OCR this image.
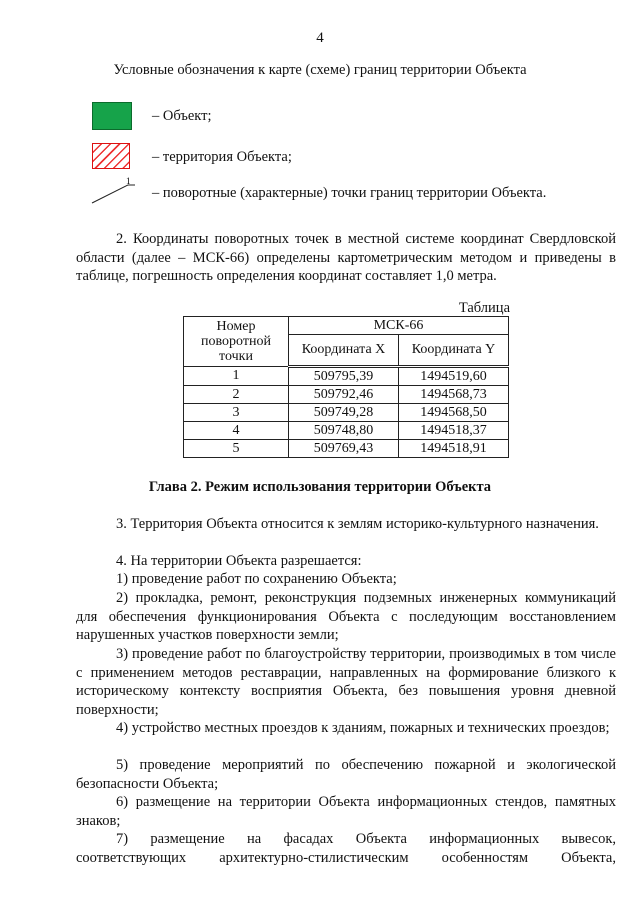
4
Условные обозначения к карте (схеме) границ территории Объекта
– Объект;
– территория Объекта;
1
– поворотные (характерные) точки границ территории Объекта.
2. Координаты поворотных точек в местной системе координат Свердловской области (далее – МСК-66) определены картометрическим методом и приведены в таблице, погрешность определения координат составляет 1,0 метра.
Таблица
Номер поворотной точки	МСК-66	
	Координата X	Координата Y
1	509795,39	1494519,60
2	509792,46	1494568,73
3	509749,28	1494568,50
4	509748,80	1494518,37
5	509769,43	1494518,91
Глава 2. Режим использования территории Объекта
3. Территория Объекта относится к землям историко-культурного назначения.
4. На территории Объекта разрешается:
1) проведение работ по сохранению Объекта;
2) прокладка, ремонт, реконструкция подземных инженерных коммуникаций для обеспечения функционирования Объекта с последующим восстановлением нарушенных участков поверхности земли;
3) проведение работ по благоустройству территории, производимых в том числе с применением методов реставрации, направленных на формирование близкого к историческому контексту восприятия Объекта, без повышения уровня дневной поверхности;
4) устройство местных проездов к зданиям, пожарных и технических проездов;
5) проведение мероприятий по обеспечению пожарной и экологической безопасности Объекта;
6) размещение на территории Объекта информационных стендов, памятных знаков;
7) размещение на фасадах Объекта информационных вывесок, соответствующих архитектурно-стилистическим особенностям Объекта,
